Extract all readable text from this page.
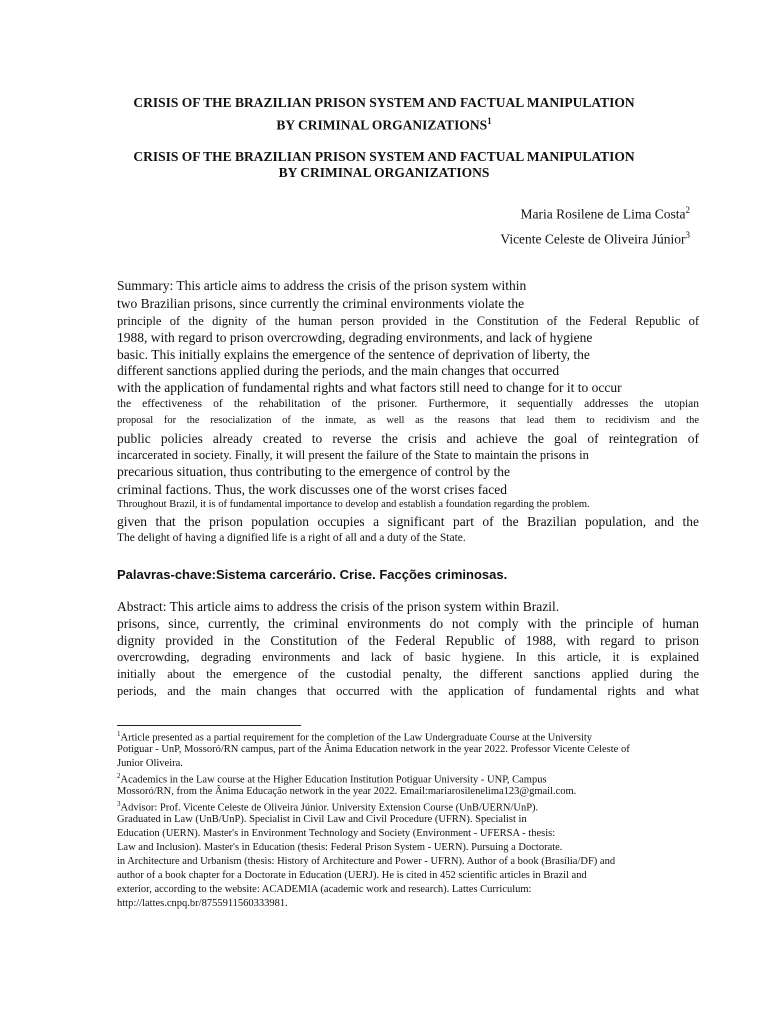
CRISIS OF THE BRAZILIAN PRISON SYSTEM AND FACTUAL MANIPULATION

BY CRIMINAL ORGANIZATIONS$^1$

CRISIS OF THE BRAZILIAN PRISON SYSTEM AND FACTUAL MANIPULATION

BY CRIMINAL ORGANIZATIONS

Maria Rosilene de Lima Costa$^2$

Vicente Celeste de Oliveira Júnior$^3$

Summary: This article aims to address the crisis of the prison system within

two Brazilian prisons, since currently the criminal environments violate the

principle of the dignity of the human person provided in the Constitution of the Federal Republic of

1988, with regard to prison overcrowding, degrading environments, and lack of hygiene

basic. This initially explains the emergence of the sentence of deprivation of liberty, the

different sanctions applied during the periods, and the main changes that occurred

with the application of fundamental rights and what factors still need to change for it to occur

the effectiveness of the rehabilitation of the prisoner. Furthermore, it sequentially addresses the utopian

proposal for the resocialization of the inmate, as well as the reasons that lead them to recidivism and the

public policies already created to reverse the crisis and achieve the goal of reintegration of

incarcerated in society. Finally, it will present the failure of the State to maintain the prisons in

precarious situation, thus contributing to the emergence of control by the

criminal factions. Thus, the work discusses one of the worst crises faced

Throughout Brazil, it is of fundamental importance to develop and establish a foundation regarding the problem.

given that the prison population occupies a significant part of the Brazilian population, and the

The delight of having a dignified life is a right of all and a duty of the State.

Palavras-chave:Sistema carcerário. Crise. Facções criminosas.

Abstract: This article aims to address the crisis of the prison system within Brazil.

prisons, since, currently, the criminal environments do not comply with the principle of human

dignity provided in the Constitution of the Federal Republic of 1988, with regard to prison

overcrowding, degrading environments and lack of basic hygiene. In this article, it is explained

initially about the emergence of the custodial penalty, the different sanctions applied during the

periods, and the main changes that occurred with the application of fundamental rights and what

$^1$Article presented as a partial requirement for the completion of the Law Undergraduate Course at the University

Potiguar - UnP, Mossoró/RN campus, part of the Ânima Education network in the year 2022. Professor Vicente Celeste of

Junior Oliveira.

$^2$Academics in the Law course at the Higher Education Institution Potiguar University - UNP, Campus

Mossoró/RN, from the Ânima Educação network in the year 2022. Email:mariarosilenelima123@gmail.com.

$^3$Advisor: Prof. Vicente Celeste de Oliveira Júnior. University Extension Course (UnB/UERN/UnP).

Graduated in Law (UnB/UnP). Specialist in Civil Law and Civil Procedure (UFRN). Specialist in

Education (UERN). Master's in Environment Technology and Society (Environment - UFERSA - thesis:

Law and Inclusion). Master's in Education (thesis: Federal Prison System - UERN). Pursuing a Doctorate.

in Architecture and Urbanism (thesis: History of Architecture and Power - UFRN). Author of a book (Brasília/DF) and

author of a book chapter for a Doctorate in Education (UERJ). He is cited in 452 scientific articles in Brazil and

exterior, according to the website: ACADEMIA (academic work and research). Lattes Curriculum:

http://lattes.cnpq.br/8755911560333981.
